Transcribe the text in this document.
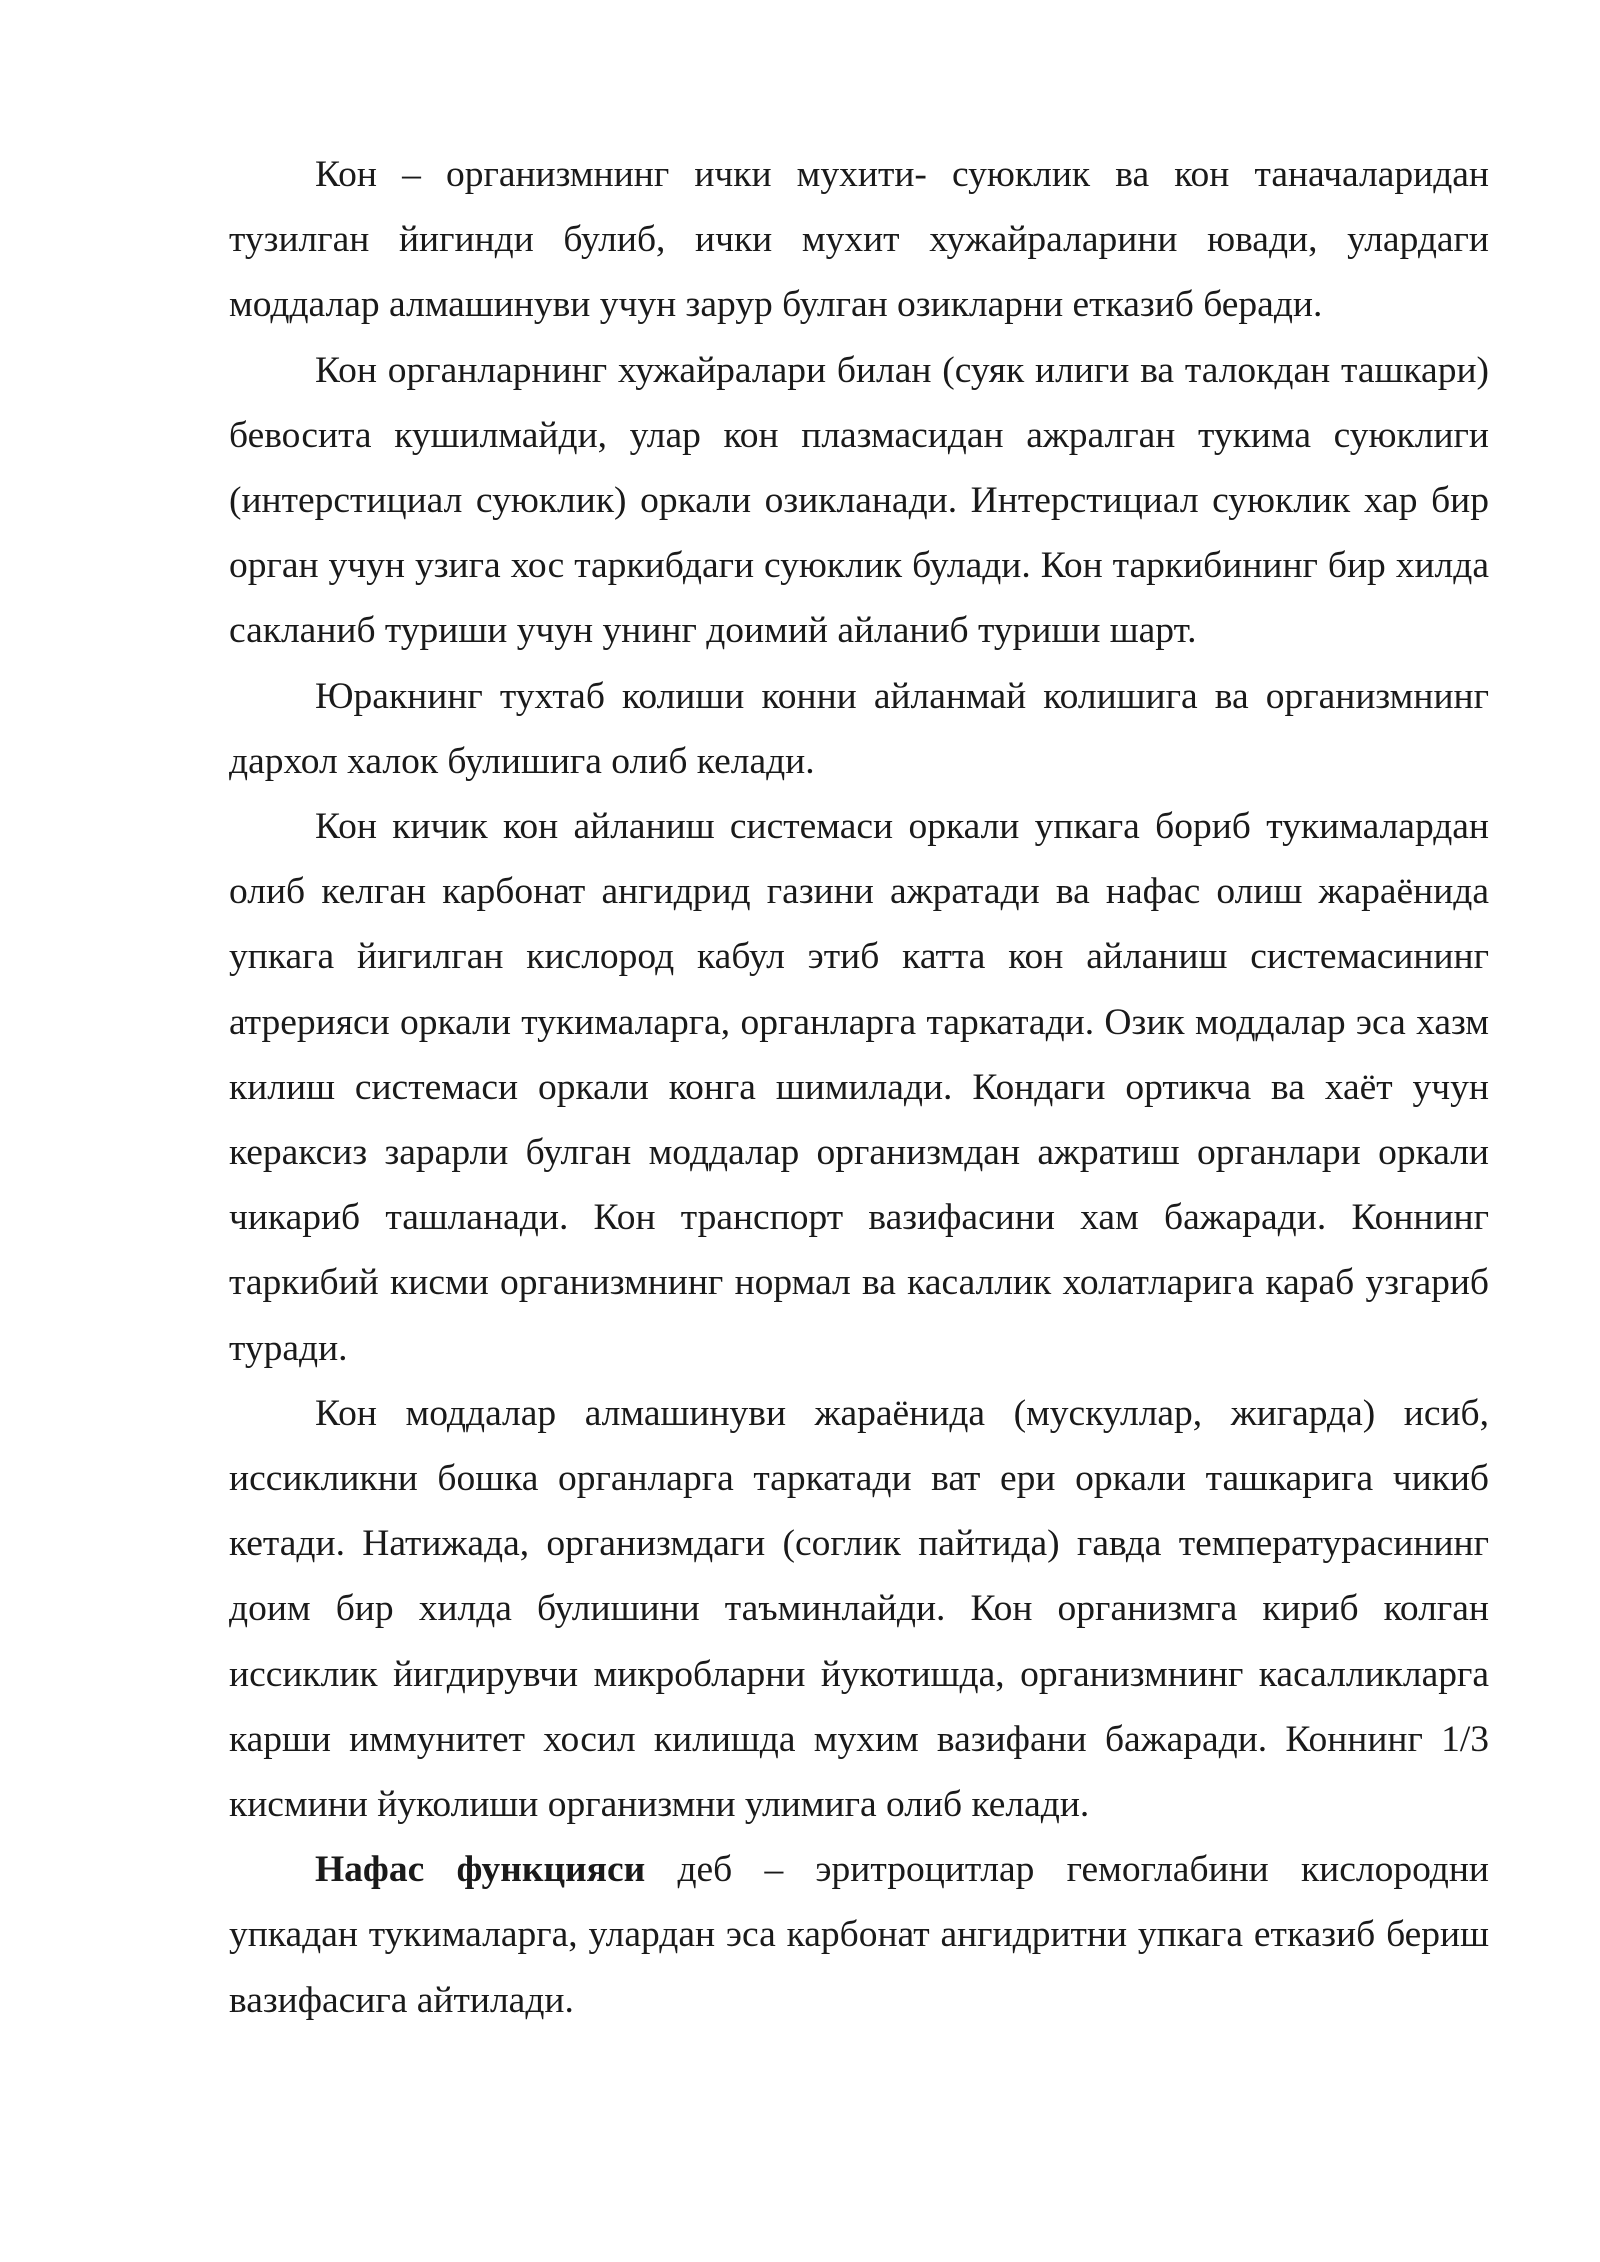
Кон – организмнинг ички мухити- суюклик ва кон таначаларидан тузилган йигинди булиб, ички мухит хужайраларини ювади, улардаги моддалар алмашинуви учун зарур булган озикларни етказиб беради.

Кон органларнинг хужайралари билан (суяк илиги ва талокдан ташкари) бевосита кушилмайди, улар кон плазмасидан ажралган тукима суюклиги (интерстициал суюклик) оркали озикланади. Интерстициал суюклик хар бир орган учун узига хос таркибдаги суюклик булади. Кон таркибининг бир хилда сакланиб туриши учун унинг доимий айланиб туриши шарт.

Юракнинг тухтаб колиши конни айланмай колишига ва организмнинг дархол халок булишига олиб келади.

Кон кичик кон айланиш системаси оркали упкага бориб тукималардан олиб келган карбонат ангидрид газини ажратади ва нафас олиш жараёнида упкага йигилган кислород кабул этиб катта кон айланиш системасининг атрерияси оркали тукималарга, органларга таркатади. Озик моддалар эса хазм килиш системаси оркали конга шимилади. Кондаги ортикча ва хаёт учун кераксиз зарарли булган моддалар организмдан ажратиш органлари оркали чикариб ташланади. Кон транспорт вазифасини хам бажаради. Коннинг таркибий кисми организмнинг нормал ва касаллик холатларига караб узгариб туради.

Кон моддалар алмашинуви жараёнида (мускуллар, жигарда) исиб, иссикликни бошка органларга таркатади ват ери оркали ташкарига чикиб кетади. Натижада, организмдаги (соглик пайтида) гавда температурасининг доим бир хилда булишини таъминлайди. Кон организмга кириб колган иссиклик йигдирувчи микробларни йукотишда, организмнинг касалликларга карши иммунитет хосил килишда мухим вазифани бажаради. Коннинг 1/3 кисмини йуколиши организмни улимига олиб келади.

Нафас функцияси деб – эритроцитлар гемоглабини кислородни упкадан тукималарга, улардан эса карбонат ангидритни упкага етказиб бериш вазифасига айтилади.
